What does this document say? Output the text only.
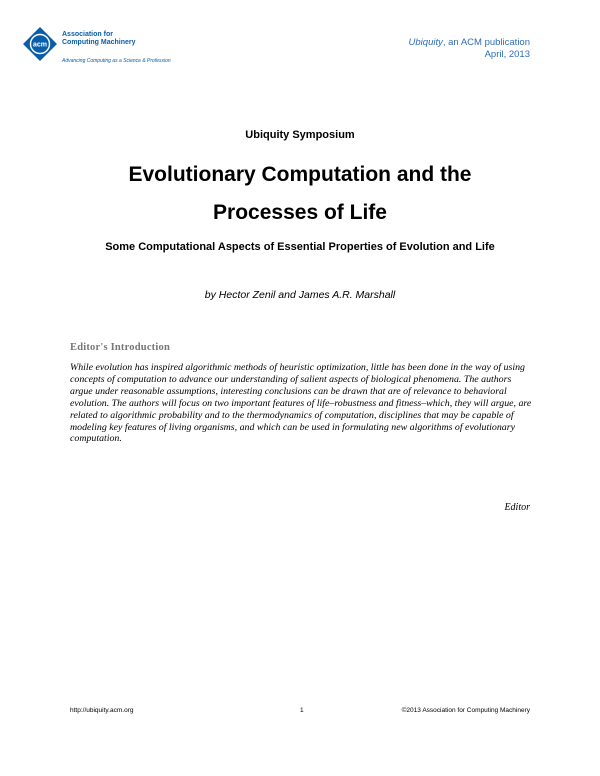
acm
Association for
Computing Machinery
Advancing Computing as a Science & Profession
Ubiquity, an ACM publication
April, 2013
Ubiquity Symposium
Evolutionary Computation and the
Processes of Life
Some Computational Aspects of Essential Properties of Evolution and Life
by Hector Zenil and James A.R. Marshall
Editor's Introduction
While evolution has inspired algorithmic methods of heuristic optimization, little has been done in the way of using concepts of computation to advance our understanding of salient aspects of biological phenomena. The authors argue under reasonable assumptions, interesting conclusions can be drawn that are of relevance to behavioral evolution. The authors will focus on two important features of life–robustness and fitness–which, they will argue, are related to algorithmic probability and to the thermodynamics of computation, disciplines that may be capable of modeling key features of living organisms, and which can be used in formulating new algorithms of evolutionary computation.
Editor
http://ubiquity.acm.org	1	©2013 Association for Computing Machinery
